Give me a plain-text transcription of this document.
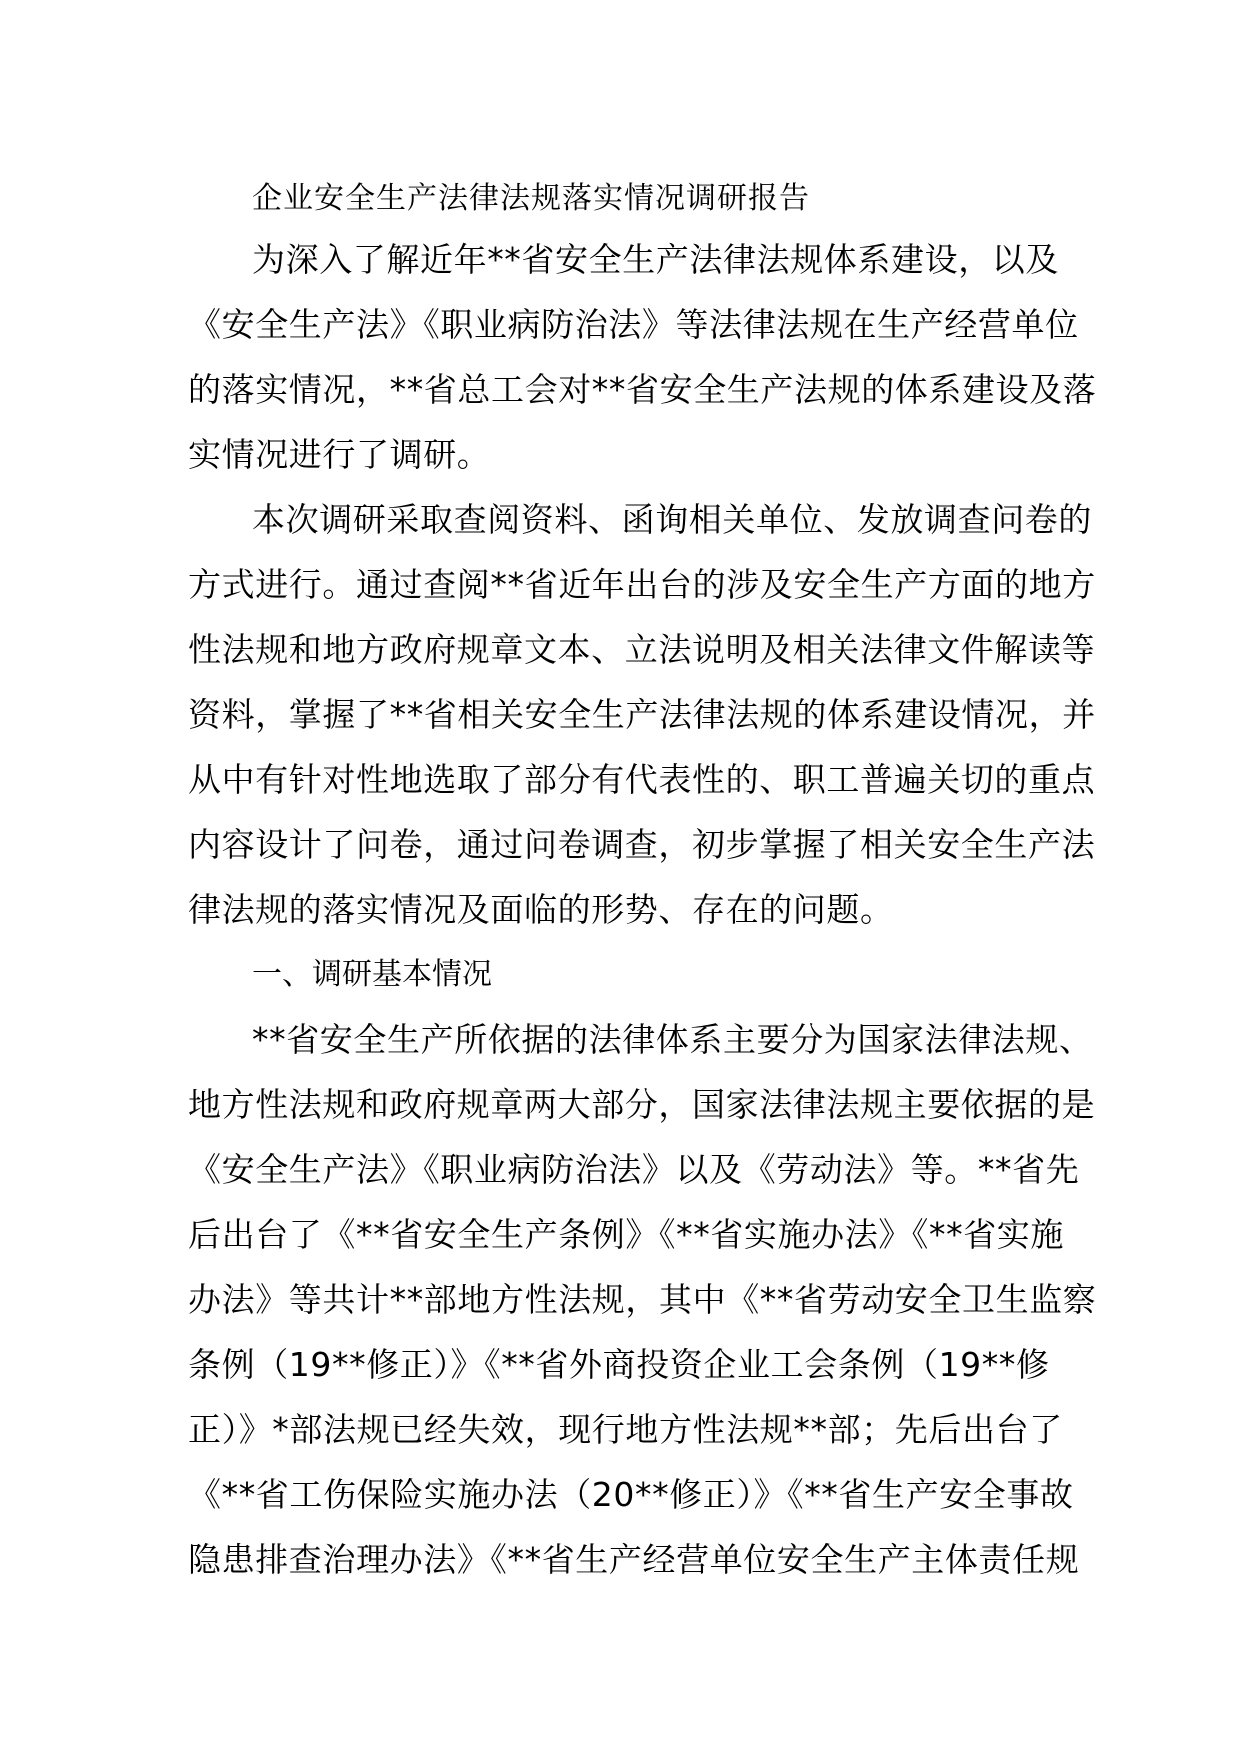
企业安全生产法律法规落实情况调研报告
为深入了解近年**省安全生产法律法规体系建设，以及
《安全生产法》《职业病防治法》等法律法规在生产经营单位
的落实情况，**省总工会对**省安全生产法规的体系建设及落
实情况进行了调研。
本次调研采取查阅资料、函询相关单位、发放调查问卷的
方式进行。通过查阅**省近年出台的涉及安全生产方面的地方
性法规和地方政府规章文本、立法说明及相关法律文件解读等
资料，掌握了**省相关安全生产法律法规的体系建设情况，并
从中有针对性地选取了部分有代表性的、职工普遍关切的重点
内容设计了问卷，通过问卷调查，初步掌握了相关安全生产法
律法规的落实情况及面临的形势、存在的问题。
一、调研基本情况
**省安全生产所依据的法律体系主要分为国家法律法规、
地方性法规和政府规章两大部分，国家法律法规主要依据的是
《安全生产法》《职业病防治法》以及《劳动法》等。**省先
后出台了《**省安全生产条例》《**省实施办法》《**省实施
办法》等共计**部地方性法规，其中《**省劳动安全卫生监察
条例（19**修正）》《**省外商投资企业工会条例（19**修
正）》*部法规已经失效，现行地方性法规**部；先后出台了
《**省工伤保险实施办法（20**修正）》《**省生产安全事故
隐患排查治理办法》《**省生产经营单位安全生产主体责任规
